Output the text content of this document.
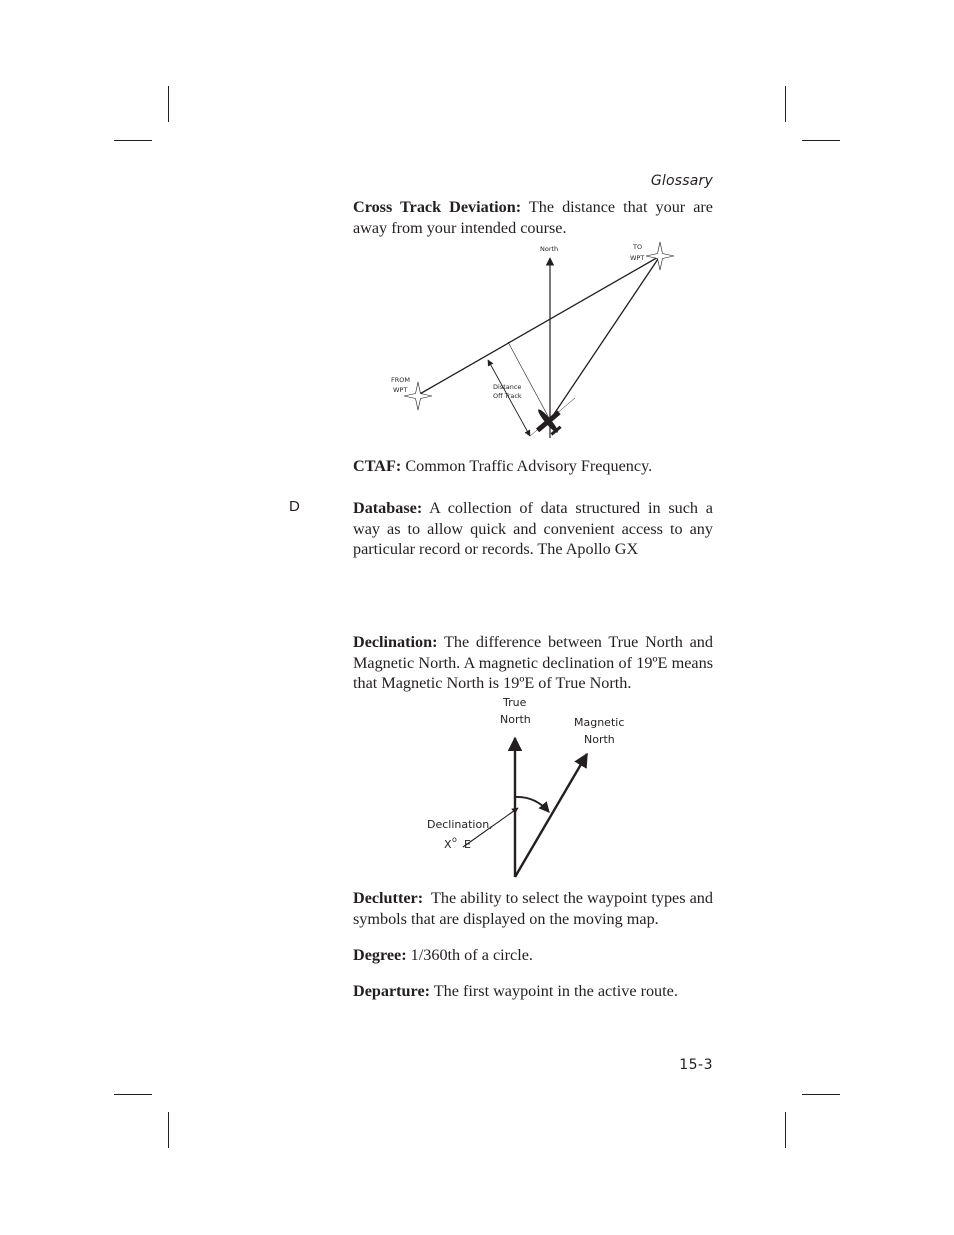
Glossary
Cross Track Deviation: The distance that your are away from your intended course.
North	TO
WPT
FROM
WPT	Distance
Off Track
CTAF: Common Traffic Advisory Frequency.
D	Database: A collection of data structured in such a way as to allow quick and convenient access to any particular record or records. The Apollo GX
Declination: The difference between True North and Magnetic North. A magnetic declination of 19ºE means that Magnetic North is 19ºE of True North.
True
North	Magnetic
North
Declination,
X o E
Declutter:  The ability to select the waypoint types and symbols that are displayed on the moving map.
Degree: 1/360th of a circle.
Departure: The first waypoint in the active route.
15-3
